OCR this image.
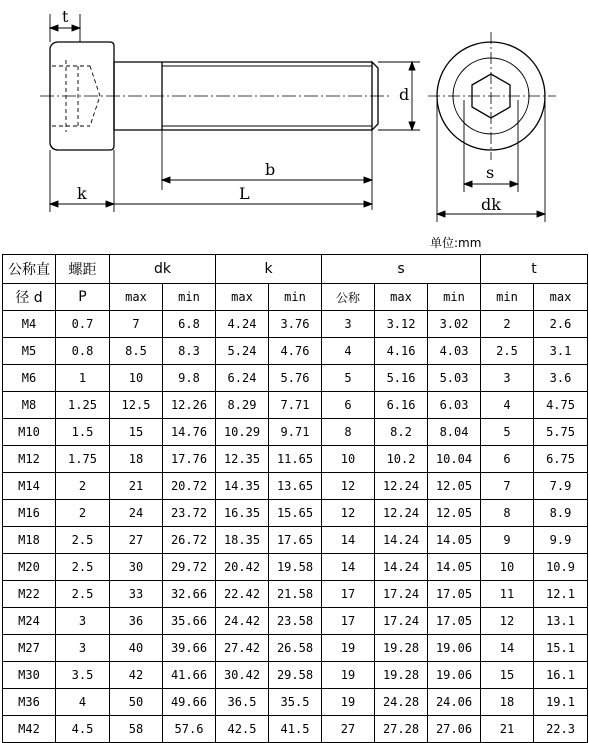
t
d
b
k	L
s
dk
单位:mm
公称直	螺距	dk		k		s			t	
径 d	P	max	min	max	min	公称	max	min	min	max
M4	0.7	7	6.8	4.24	3.76	3	3.12	3.02	2	2.6
M5	0.8	8.5	8.3	5.24	4.76	4	4.16	4.03	2.5	3.1
M6	1	10	9.8	6.24	5.76	5	5.16	5.03	3	3.6
M8	1.25	12.5	12.26	8.29	7.71	6	6.16	6.03	4	4.75
M10	1.5	15	14.76	10.29	9.71	8	8.2	8.04	5	5.75
M12	1.75	18	17.76	12.35	11.65	10	10.2	10.04	6	6.75
M14	2	21	20.72	14.35	13.65	12	12.24	12.05	7	7.9
M16	2	24	23.72	16.35	15.65	12	12.24	12.05	8	8.9
M18	2.5	27	26.72	18.35	17.65	14	14.24	14.05	9	9.9
M20	2.5	30	29.72	20.42	19.58	14	14.24	14.05	10	10.9
M22	2.5	33	32.66	22.42	21.58	17	17.24	17.05	11	12.1
M24	3	36	35.66	24.42	23.58	17	17.24	17.05	12	13.1
M27	3	40	39.66	27.42	26.58	19	19.28	19.06	14	15.1
M30	3.5	42	41.66	30.42	29.58	19	19.28	19.06	15	16.1
M36	4	50	49.66	36.5	35.5	19	24.28	24.06	18	19.1
M42	4.5	58	57.6	42.5	41.5	27	27.28	27.06	21	22.3
